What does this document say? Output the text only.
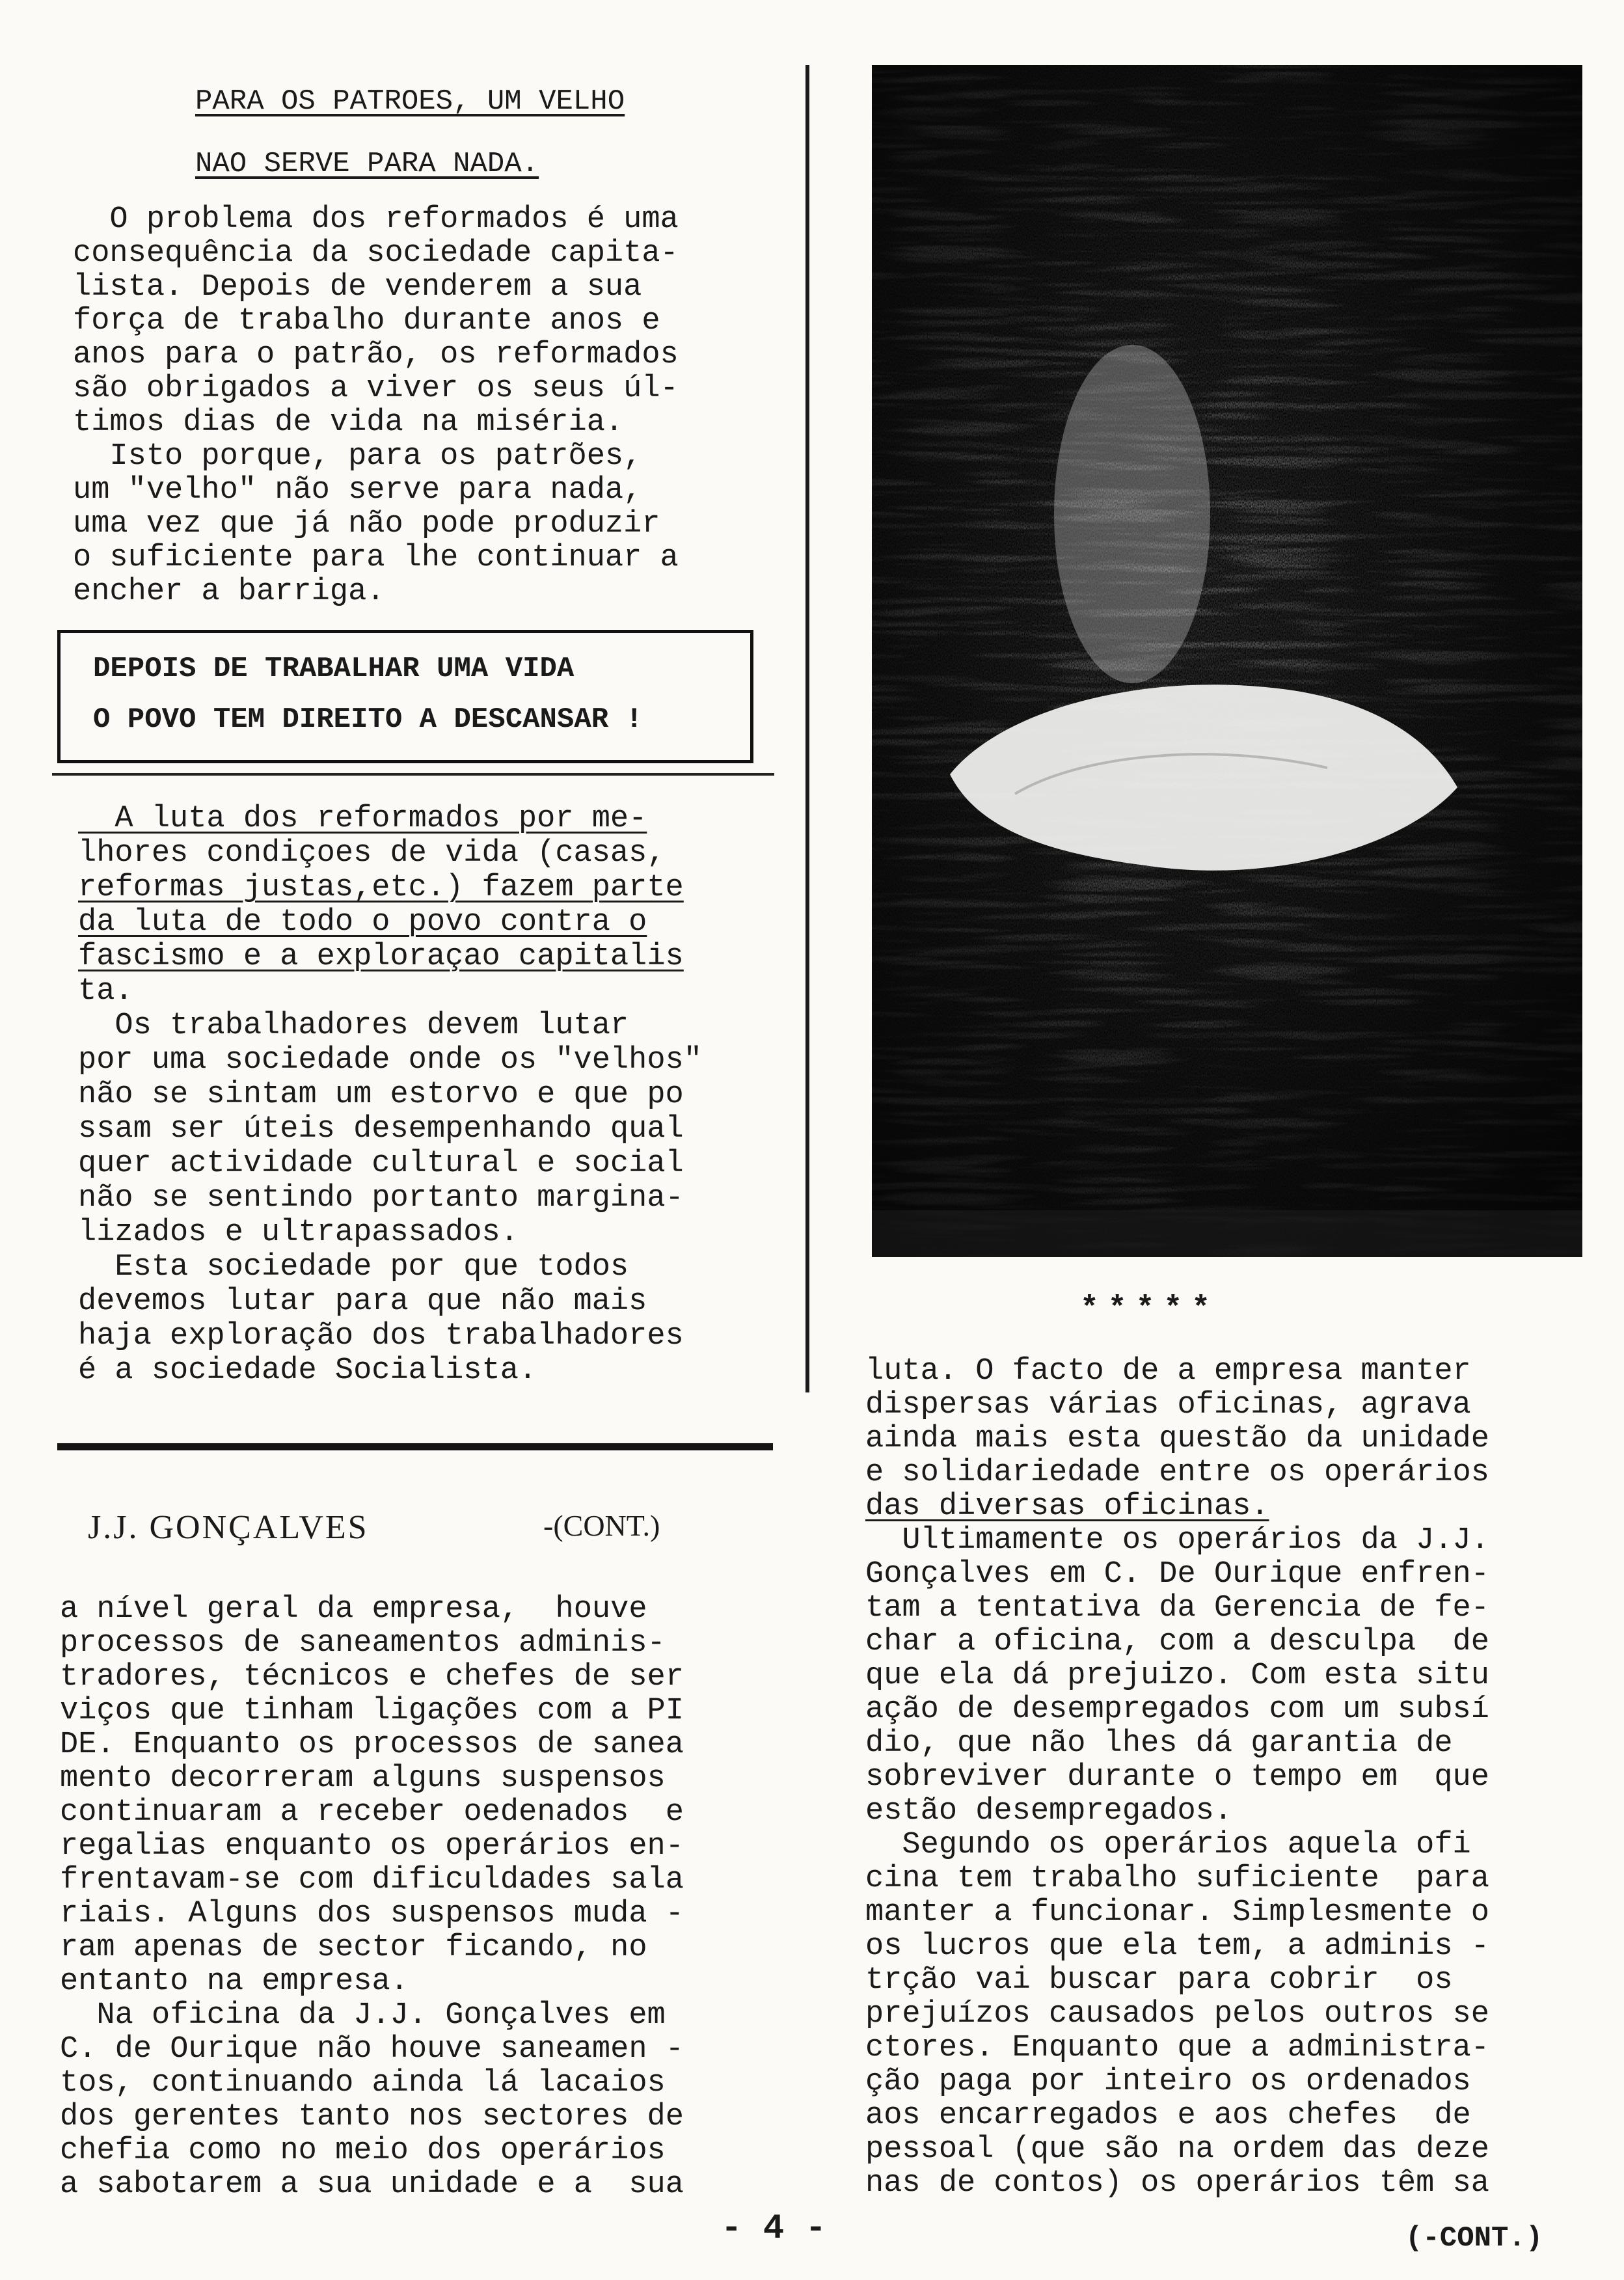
PARA OS PATROES, UM VELHO
NAO SERVE PARA NADA.
O problema dos reformados é uma
consequência da sociedade capita-
lista. Depois de venderem a sua
força de trabalho durante anos e
anos para o patrão, os reformados
são obrigados a viver os seus úl-
timos dias de vida na miséria.
Isto porque, para os patrões,
um "velho" não serve para nada,
uma vez que já não pode produzir
o suficiente para lhe continuar a
encher a barriga.
DEPOIS DE TRABALHAR UMA VIDA
O POVO TEM DIREITO A DESCANSAR !
A luta dos reformados por me-
lhores condiçoes de vida (casas,
reformas justas,etc.) fazem parte
da luta de todo o povo contra o
fascismo e a exploraçao capitalis
ta.
Os trabalhadores devem lutar
por uma sociedade onde os "velhos"
não se sintam um estorvo e que po
ssam ser úteis desempenhando qual
quer actividade cultural e social
não se sentindo portanto margina-
lizados e ultrapassados.
Esta sociedade por que todos
devemos lutar para que não mais
haja exploração dos trabalhadores
é a sociedade Socialista.
J.J. GONÇALVES	-(CONT.)
a nível geral da empresa,  houve
processos de saneamentos adminis-
tradores, técnicos e chefes de ser
viços que tinham ligações com a PI
DE. Enquanto os processos de sanea
mento decorreram alguns suspensos
continuaram a receber oedenados  e
regalias enquanto os operários en-
frentavam-se com dificuldades sala
riais. Alguns dos suspensos muda -
ram apenas de sector ficando, no
entanto na empresa.
Na oficina da J.J. Gonçalves em
C. de Ourique não houve saneamen -
tos, continuando ainda lá lacaios
dos gerentes tanto nos sectores de
chefia como no meio dos operários
a sabotarem a sua unidade e a  sua
*****
luta. O facto de a empresa manter
dispersas várias oficinas, agrava
ainda mais esta questão da unidade
e solidariedade entre os operários
das diversas oficinas.
Ultimamente os operários da J.J.
Gonçalves em C. De Ourique enfren-
tam a tentativa da Gerencia de fe-
char a oficina, com a desculpa  de
que ela dá prejuizo. Com esta situ
ação de desempregados com um subsí
dio, que não lhes dá garantia de
sobreviver durante o tempo em  que
estão desempregados.
Segundo os operários aquela ofi
cina tem trabalho suficiente  para
manter a funcionar. Simplesmente o
os lucros que ela tem, a adminis -
trção vai buscar para cobrir  os
prejuízos causados pelos outros se
ctores. Enquanto que a administra-
ção paga por inteiro os ordenados
aos encarregados e aos chefes  de
pessoal (que são na ordem das deze
nas de contos) os operários têm sa
- 4 -	(-CONT.)
